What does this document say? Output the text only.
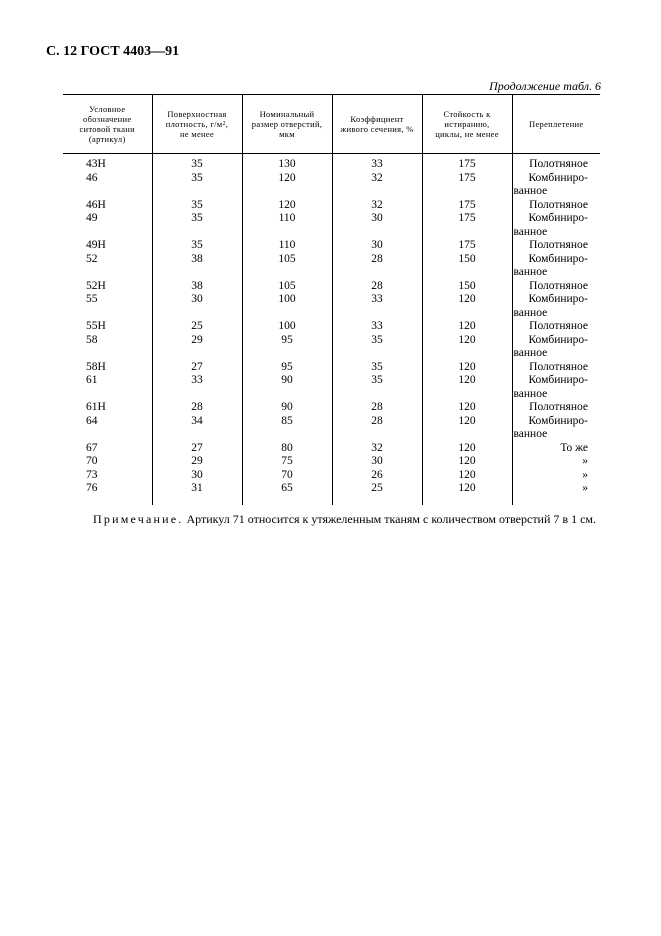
С. 12 ГОСТ 4403—91
Продолжение табл. 6
Условное
обозначение
ситовой ткани
(артикул)	Поверхностная
плотность, $г/м^2$,
не менее	Номинальный
размер отверстий,
мкм	Коэффициент
живого сечения, %	Стойкость к
истиранию,
циклы, не менее	Переплетение
43Н	35	130	33	175	Полотняное
46	35	120	32	175	Комбиниро-
					ванное
46Н	35	120	32	175	Полотняное
49	35	110	30	175	Комбиниро-
					ванное
49Н	35	110	30	175	Полотняное
52	38	105	28	150	Комбиниро-
					ванное
52Н	38	105	28	150	Полотняное
55	30	100	33	120	Комбиниро-
					ванное
55Н	25	100	33	120	Полотняное
58	29	95	35	120	Комбиниро-
					ванное
58Н	27	95	35	120	Полотняное
61	33	90	35	120	Комбиниро-
					ванное
61Н	28	90	28	120	Полотняное
64	34	85	28	120	Комбиниро-
					ванное
67	27	80	32	120	То же
70	29	75	30	120	»
73	30	70	26	120	»
76	31	65	25	120	»

Примечание. Артикул 71 относится к утяжеленным тканям с количеством отверстий 7 в 1 см.
